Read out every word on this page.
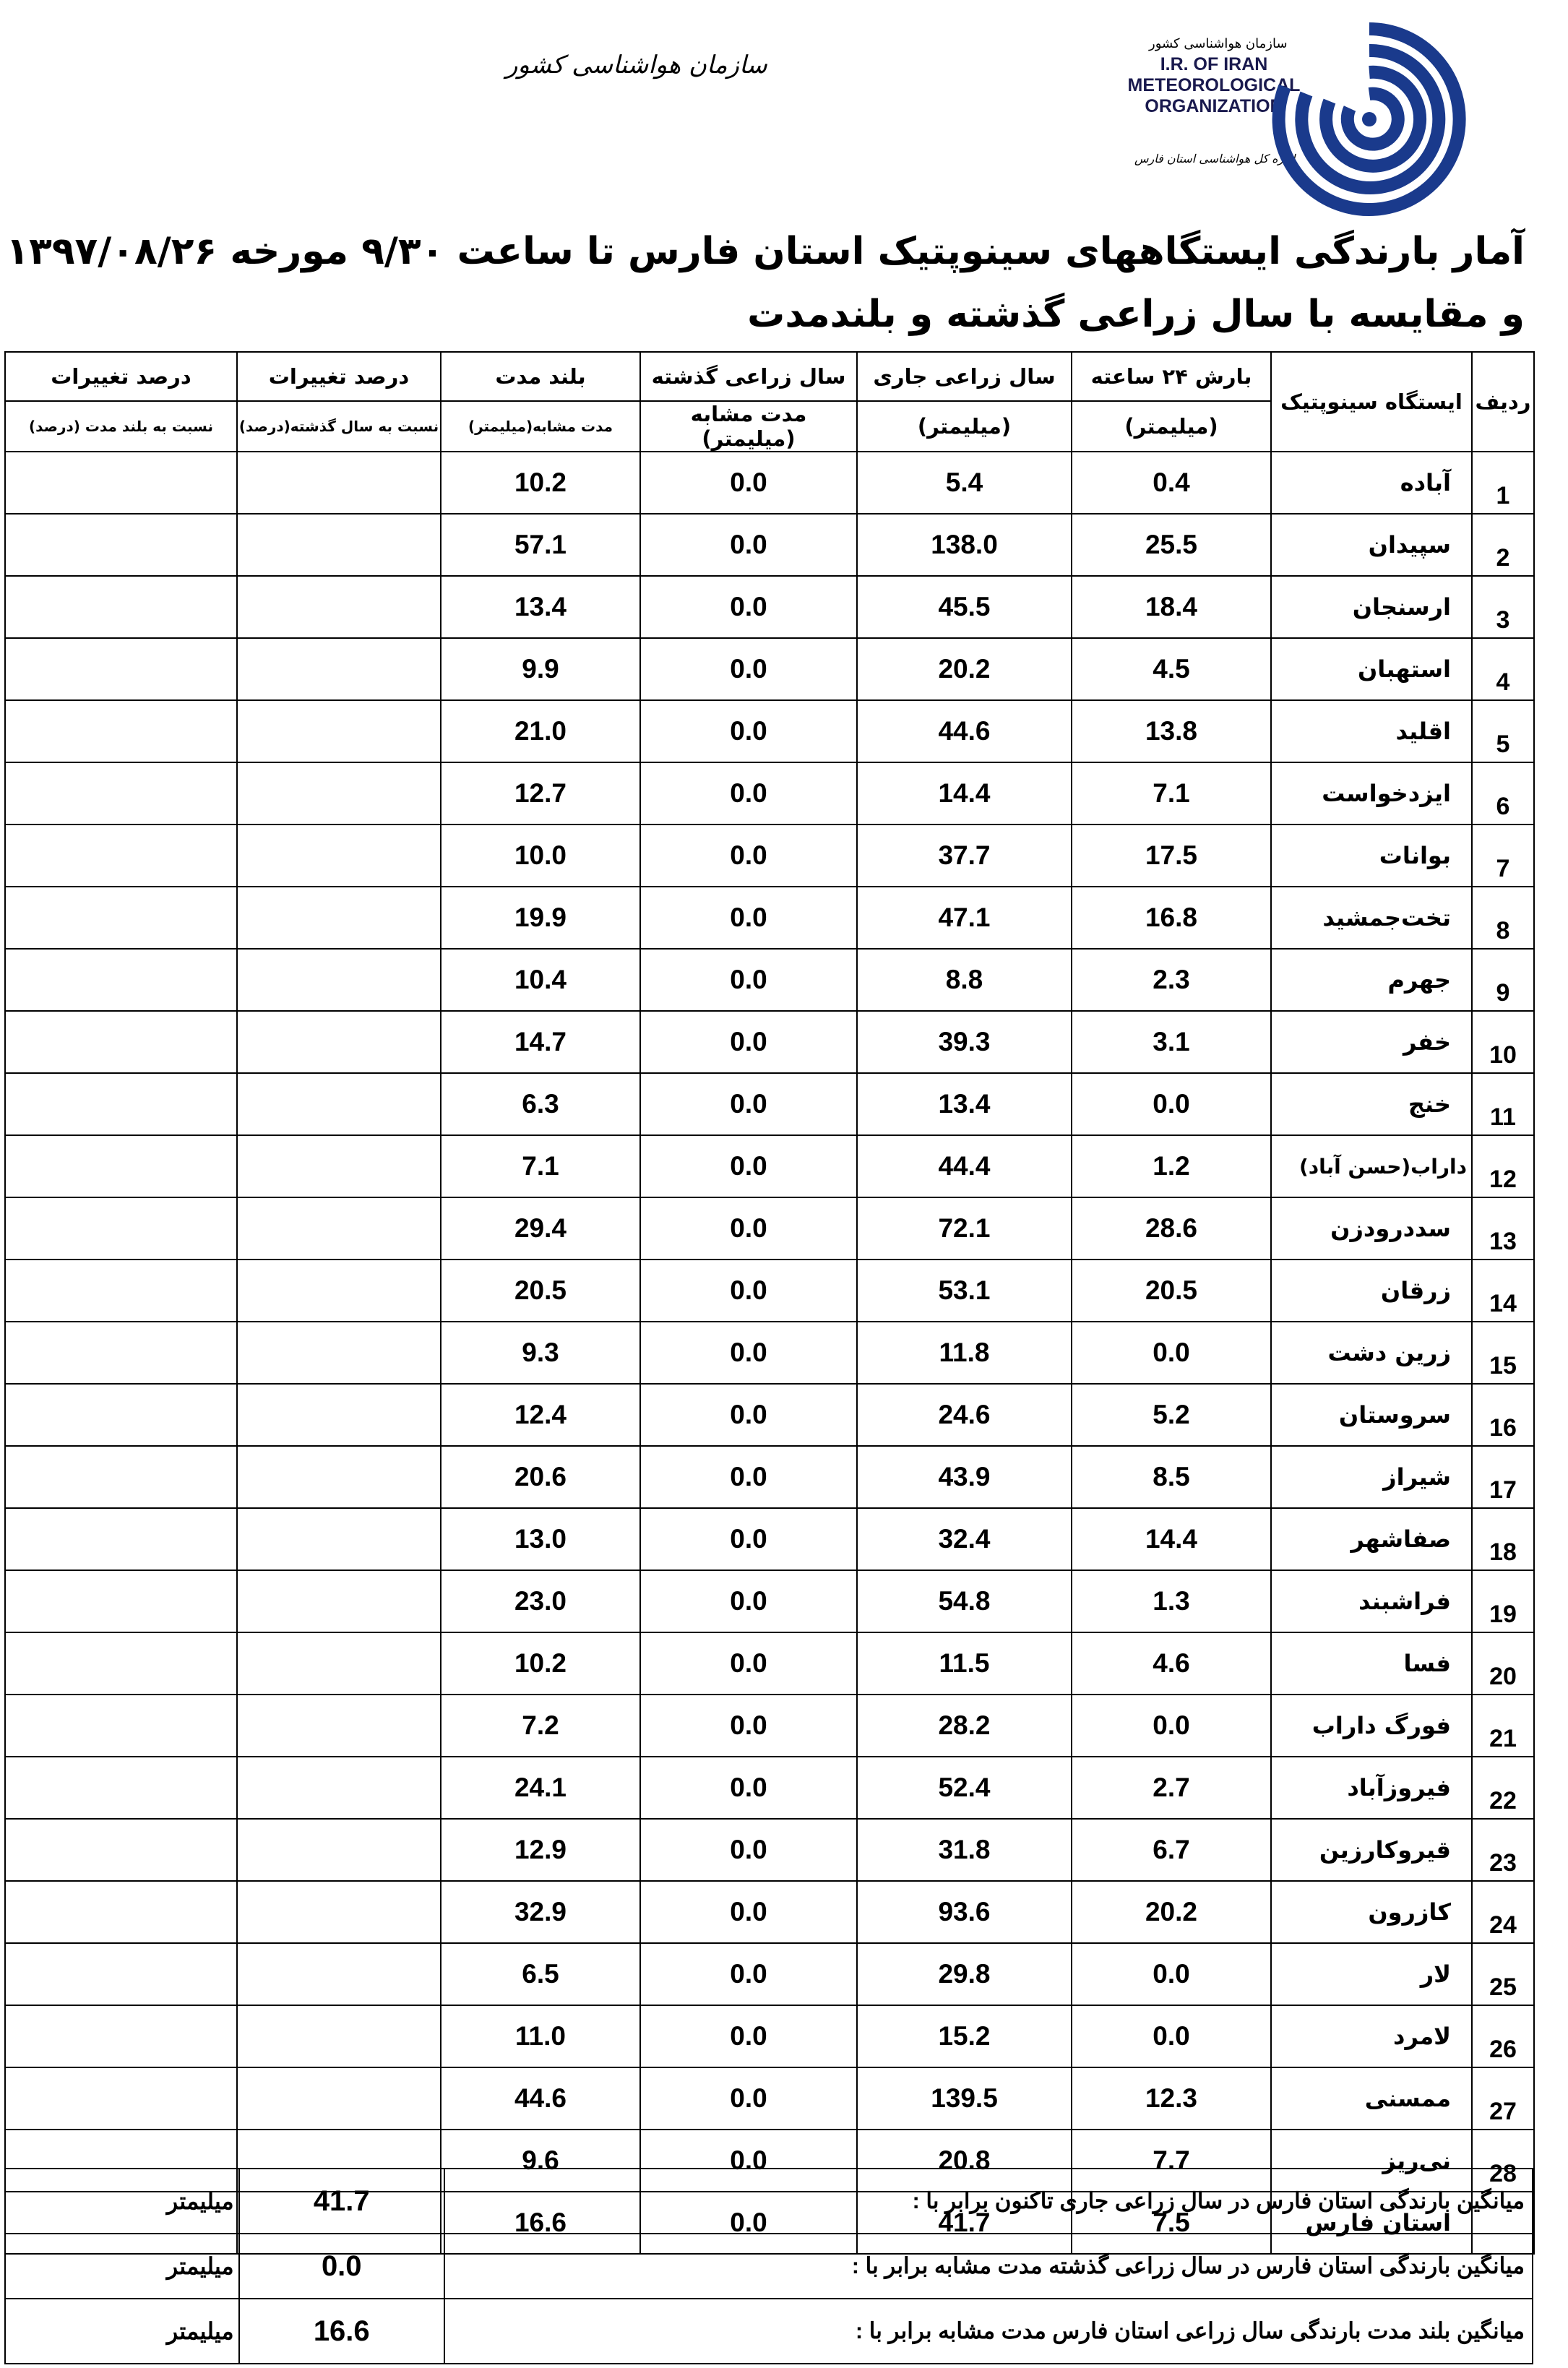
سازمان هواشناسی کشور
سازمان هواشناسی کشور
I.R. OF IRAN
METEOROLOGICAL
ORGANIZATION
اداره کل هواشناسی استان فارس
آمار بارندگی ایستگاههای سینوپتیک استان فارس تا ساعت ۹/۳۰ مورخه ۱۳۹۷/۰۸/۲۶
و مقایسه با سال زراعی گذشته و بلندمدت
ردیف	ایستگاه سینوپتیک	بارش ۲۴ ساعته	سال زراعی جاری	سال زراعی گذشته	بلند مدت	درصد تغییرات	درصد تغییرات
		(میلیمتر)	(میلیمتر)	مدت مشابه (میلیمتر)	مدت مشابه(میلیمتر)	نسبت به سال گذشته(درصد)	نسبت به بلند مدت (درصد)
1	آباده	0.4	5.4	0.0	10.2		
2	سپیدان	25.5	138.0	0.0	57.1		
3	ارسنجان	18.4	45.5	0.0	13.4		
4	استهبان	4.5	20.2	0.0	9.9		
5	اقلید	13.8	44.6	0.0	21.0		
6	ایزدخواست	7.1	14.4	0.0	12.7		
7	بوانات	17.5	37.7	0.0	10.0		
8	تخت‌جمشید	16.8	47.1	0.0	19.9		
9	جهرم	2.3	8.8	0.0	10.4		
10	خفر	3.1	39.3	0.0	14.7		
11	خنج	0.0	13.4	0.0	6.3		
12	داراب(حسن آباد)	1.2	44.4	0.0	7.1		
13	سددرودزن	28.6	72.1	0.0	29.4		
14	زرقان	20.5	53.1	0.0	20.5		
15	زرین دشت	0.0	11.8	0.0	9.3		
16	سروستان	5.2	24.6	0.0	12.4		
17	شیراز	8.5	43.9	0.0	20.6		
18	صفاشهر	14.4	32.4	0.0	13.0		
19	فراشبند	1.3	54.8	0.0	23.0		
20	فسا	4.6	11.5	0.0	10.2		
21	فورگ داراب	0.0	28.2	0.0	7.2		
22	فیروزآباد	2.7	52.4	0.0	24.1		
23	قیروکارزین	6.7	31.8	0.0	12.9		
24	کازرون	20.2	93.6	0.0	32.9		
25	لار	0.0	29.8	0.0	6.5		
26	لامرد	0.0	15.2	0.0	11.0		
27	ممسنی	12.3	139.5	0.0	44.6		
28	نی‌ریز	7.7	20.8	0.0	9.6		
	استان فارس	7.5	41.7	0.0	16.6		
میانگین بارندگی استان فارس در سال زراعی جاری تاکنون برابر با :	41.7	میلیمتر
میانگین بارندگی استان فارس در سال زراعی گذشته مدت مشابه برابر با :	0.0	میلیمتر
میانگین بلند مدت بارندگی سال زراعی استان فارس مدت مشابه برابر با :	16.6	میلیمتر
